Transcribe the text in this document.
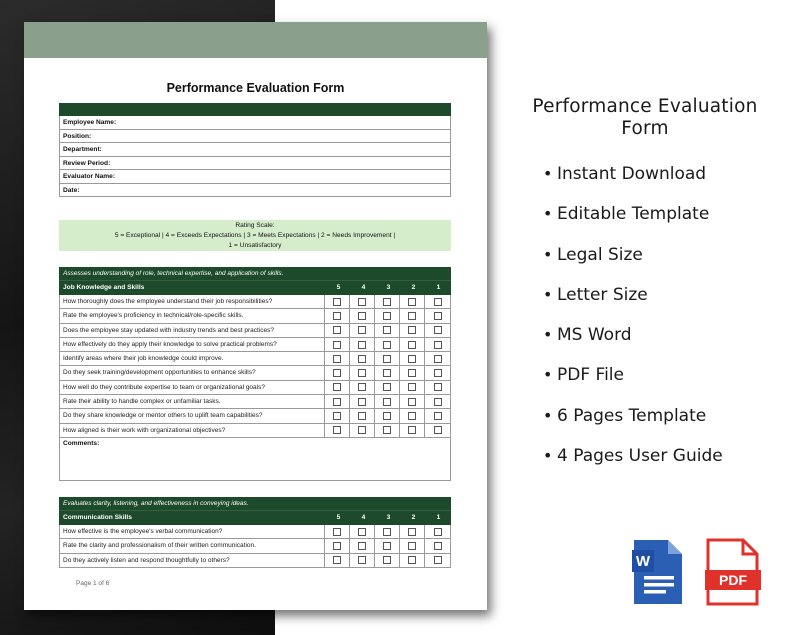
Performance Evaluation Form
Employee Name:
Position:
Department:
Review Period:
Evaluator Name:
Date:
Rating Scale:
5 = Exceptional | 4 = Exceeds Expectations | 3 = Meets Expectations | 2 = Needs Improvement |
1 = Unsatisfactory
Assesses understanding of role, technical expertise, and application of skills.
Job Knowledge and Skills	5	4	3	2	1
How thoroughly does the employee understand their job responsibilities?
Rate the employee's proficiency in technical/role-specific skills.
Does the employee stay updated with industry trends and best practices?
How effectively do they apply their knowledge to solve practical problems?
Identify areas where their job knowledge could improve.
Do they seek training/development opportunities to enhance skills?
How well do they contribute expertise to team or organizational goals?
Rate their ability to handle complex or unfamiliar tasks.
Do they share knowledge or mentor others to uplift team capabilities?
How aligned is their work with organizational objectives?
Comments:
Evaluates clarity, listening, and effectiveness in conveying ideas.
Communication Skills	5	4	3	2	1
How effective is the employee's verbal communication?
Rate the clarity and professionalism of their written communication.
Do they actively listen and respond thoughtfully to others?
Page 1 of 6
Performance Evaluation
Form
• Instant Download
• Editable Template
• Legal Size
• Letter Size
• MS Word
• PDF File
• 6 Pages Template
• 4 Pages User Guide
W
PDF
